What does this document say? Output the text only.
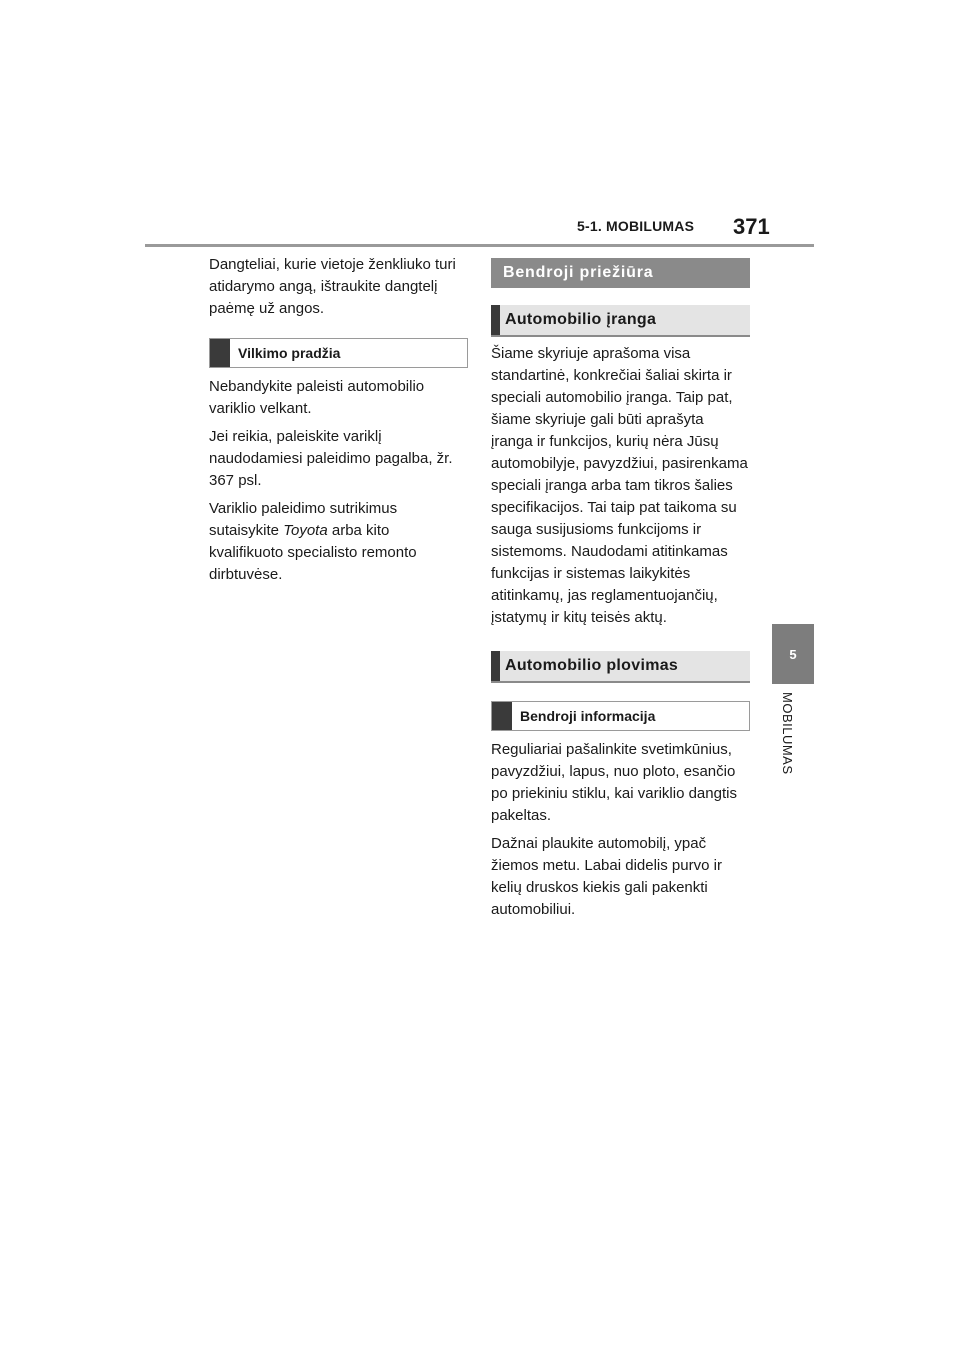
5-1. MOBILUMAS 371
5
MOBILUMAS

Dangteliai, kurie vietoje ženkliuko turi atidarymo angą, ištraukite dangtelį paėmę už angos.

Vilkimo pradžia

Nebandykite paleisti automobilio variklio velkant.

Jei reikia, paleiskite variklį naudodamiesi paleidimo pagalba, žr. 367 psl.

Variklio paleidimo sutrikimus sutaisykite Toyota arba kito kvalifikuoto specialisto remonto dirbtuvėse.

Bendroji priežiūra
Automobilio įranga

Šiame skyriuje aprašoma visa standartinė, konkrečiai šaliai skirta ir speciali automobilio įranga. Taip pat, šiame skyriuje gali būti aprašyta įranga ir funkcijos, kurių nėra Jūsų automobilyje, pavyzdžiui, pasirenkama speciali įranga arba tam tikros šalies specifikacijos. Tai taip pat taikoma su sauga susijusioms funkcijoms ir sistemoms. Naudodami atitinkamas funkcijas ir sistemas laikykitės atitinkamų, jas reglamentuojančių, įstatymų ir kitų teisės aktų.

Automobilio plovimas
Bendroji informacija

Reguliariai pašalinkite svetimkūnius, pavyzdžiui, lapus, nuo ploto, esančio po priekiniu stiklu, kai variklio dangtis pakeltas.

Dažnai plaukite automobilį, ypač žiemos metu. Labai didelis purvo ir kelių druskos kiekis gali pakenkti automobiliui.
